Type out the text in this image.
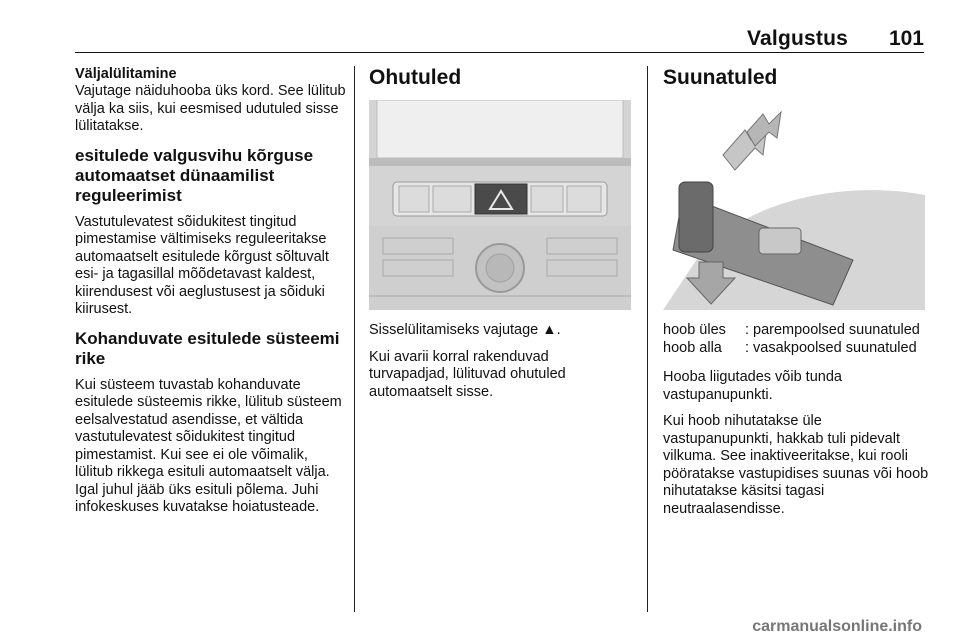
Valgustus 101

Väljalülitamine

Vajutage näiduhooba üks kord. See lülitub välja ka siis, kui eesmised udutuled sisse lülitatakse.

esitulede valgusvihu kõrguse automaatset dünaamilist reguleerimist

Vastutulevatest sõidukitest tingitud pimestamise vältimiseks reguleeritakse automaatselt esitulede kõrgust sõltuvalt esi- ja tagasillal mõõdetavast kaldest, kiirendusest või aeglustusest ja sõiduki kiirusest.

Kohanduvate esitulede süsteemi rike

Kui süsteem tuvastab kohanduvate esitulede süsteemis rikke, lülitub süsteem eelsalvestatud asendisse, et vältida vastutulevatest sõidukitest tingitud pimestamist. Kui see ei ole võimalik, lülitub rikkega esituli automaatselt välja. Igal juhul jääb üks esituli põlema. Juhi infokeskuses kuvatakse hoiatusteade.

Ohutuled

Sisselülitamiseks vajutage ▲.

Kui avarii korral rakenduvad turvapadjad, lülituvad ohutuled automaatselt sisse.

Suunatuled

hoob üles	:	parempoolsed suunatuled
hoob alla	:	vasakpoolsed suunatuled

Hooba liigutades võib tunda vastupanupunkti.

Kui hoob nihutatakse üle vastupanupunkti, hakkab tuli pidevalt vilkuma. See inaktiveeritakse, kui rooli pööratakse vastupidises suunas või hoob nihutatakse käsitsi tagasi neutraalasendisse.

carmanualsonline.info
